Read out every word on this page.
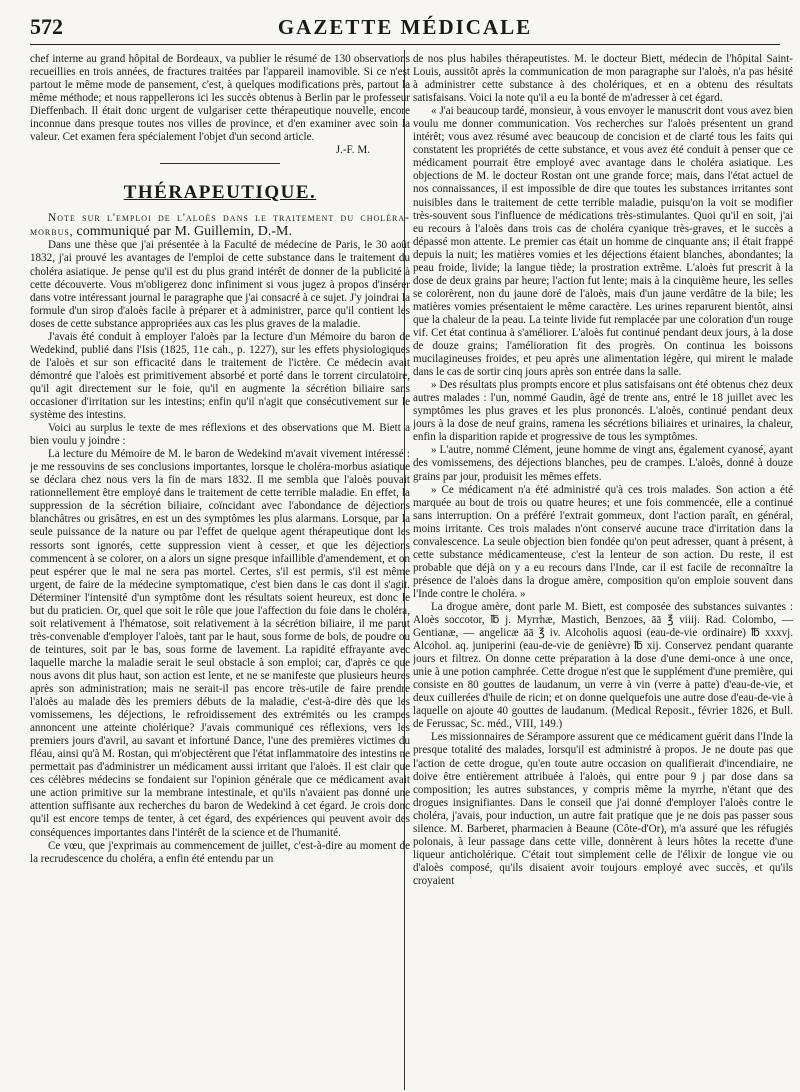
572	GAZETTE MÉDICALE

chef interne au grand hôpital de Bordeaux, va publier le résumé de 130 observations recueillies en trois années, de fractures traitées par l'appareil inamovible. Si ce n'est partout le même mode de pansement, c'est, à quelques modifications près, partout la même méthode; et nous rappellerons ici les succès obtenus à Berlin par le professeur Dieffenbach. Il était donc urgent de vulgariser cette thérapeutique nouvelle, encore inconnue dans presque toutes nos villes de province, et d'en examiner avec soin la valeur. Cet examen fera spécialement l'objet d'un second article.

J.-F. M.

THÉRAPEUTIQUE.

Note sur l'emploi de l'aloès dans le traitement du choléra-morbus, communiqué par M. Guillemin, D.-M.

Dans une thèse que j'ai présentée à la Faculté de médecine de Paris, le 30 août 1832, j'ai prouvé les avantages de l'emploi de cette substance dans le traitement du choléra asiatique. Je pense qu'il est du plus grand intérêt de donner de la publicité à cette découverte. Vous m'obligerez donc infiniment si vous jugez à propos d'insérer dans votre intéressant journal le paragraphe que j'ai consacré à ce sujet. J'y joindrai la formule d'un sirop d'aloès facile à préparer et à administrer, parce qu'il contient les doses de cette substance appropriées aux cas les plus graves de la maladie.

J'avais été conduit à employer l'aloès par la lecture d'un Mémoire du baron de Wedekind, publié dans l'Isis (1825, 11e cah., p. 1227), sur les effets physiologiques de l'aloès et sur son efficacité dans le traitement de l'ictère. Ce médecin avait démontré que l'aloès est primitivement absorbé et porté dans le torrent circulatoire, qu'il agit directement sur le foie, qu'il en augmente la sécrétion biliaire sans occasioner d'irritation sur les intestins; enfin qu'il n'agit que consécutivement sur le système des intestins.

Voici au surplus le texte de mes réflexions et des observations que M. Biett a bien voulu y joindre :

La lecture du Mémoire de M. le baron de Wedekind m'avait vivement intéressé : je me ressouvins de ses conclusions importantes, lorsque le choléra-morbus asiatique se déclara chez nous vers la fin de mars 1832. Il me sembla que l'aloès pouvait rationnellement être employé dans le traitement de cette terrible maladie. En effet, la suppression de la sécrétion biliaire, coïncidant avec l'abondance de déjections blanchâtres ou grisâtres, en est un des symptômes les plus alarmans. Lorsque, par la seule puissance de la nature ou par l'effet de quelque agent thérapeutique dont les ressorts sont ignorés, cette suppression vient à cesser, et que les déjections commencent à se colorer, on a alors un signe presque infaillible d'amendement, et on peut espérer que le mal ne sera pas mortel. Certes, s'il est permis, s'il est même urgent, de faire de la médecine symptomatique, c'est bien dans le cas dont il s'agit. Déterminer l'intensité d'un symptôme dont les résultats soient heureux, est donc le but du praticien. Or, quel que soit le rôle que joue l'affection du foie dans le choléra, soit relativement à l'hématose, soit relativement à la sécrétion biliaire, il me parut très-convenable d'employer l'aloès, tant par le haut, sous forme de bols, de poudre ou de teintures, soit par le bas, sous forme de lavement. La rapidité effrayante avec laquelle marche la maladie serait le seul obstacle à son emploi; car, d'après ce que nous avons dit plus haut, son action est lente, et ne se manifeste que plusieurs heures après son administration; mais ne serait-il pas encore très-utile de faire prendre l'aloès au malade dès les premiers débuts de la maladie, c'est-à-dire dès que les vomissemens, les déjections, le refroidissement des extrémités ou les crampes annoncent une atteinte cholérique? J'avais communiqué ces réflexions, vers les premiers jours d'avril, au savant et infortuné Dance, l'une des premières victimes du fléau, ainsi qu'à M. Rostan, qui m'objectèrent que l'état inflammatoire des intestins ne permettait pas d'administrer un médicament aussi irritant que l'aloès. Il est clair que ces célèbres médecins se fondaient sur l'opinion générale que ce médicament avait une action primitive sur la membrane intestinale, et qu'ils n'avaient pas donné une attention suffisante aux recherches du baron de Wedekind à cet égard. Je crois donc qu'il est encore temps de tenter, à cet égard, des expériences qui peuvent avoir des conséquences importantes dans l'intérêt de la science et de l'humanité.

Ce vœu, que j'exprimais au commencement de juillet, c'est-à-dire au moment de la recrudescence du choléra, a enfin été entendu par un

de nos plus habiles thérapeutistes. M. le docteur Biett, médecin de l'hôpital Saint-Louis, aussitôt après la communication de mon paragraphe sur l'aloès, n'a pas hésité à administrer cette substance à des cholériques, et en a obtenu des résultats satisfaisans. Voici la note qu'il a eu la bonté de m'adresser à cet égard.

« J'ai beaucoup tardé, monsieur, à vous envoyer le manuscrit dont vous avez bien voulu me donner communication. Vos recherches sur l'aloès présentent un grand intérêt; vous avez résumé avec beaucoup de concision et de clarté tous les faits qui constatent les propriétés de cette substance, et vous avez été conduit à penser que ce médicament pourrait être employé avec avantage dans le choléra asiatique. Les objections de M. le docteur Rostan ont une grande force; mais, dans l'état actuel de nos connaissances, il est impossible de dire que toutes les substances irritantes sont nuisibles dans le traitement de cette terrible maladie, puisqu'on la voit se modifier très-souvent sous l'influence de médications très-stimulantes. Quoi qu'il en soit, j'ai eu recours à l'aloès dans trois cas de choléra cyanique très-graves, et le succès a dépassé mon attente. Le premier cas était un homme de cinquante ans; il était frappé depuis la nuit; les matières vomies et les déjections étaient blanches, abondantes; la peau froide, livide; la langue tiède; la prostration extrême. L'aloès fut prescrit à la dose de deux grains par heure; l'action fut lente; mais à la cinquième heure, les selles se colorèrent, non du jaune doré de l'aloès, mais d'un jaune verdâtre de la bile; les matières vomies présentaient le même caractère. Les urines reparurent bientôt, ainsi que la chaleur de la peau. La teinte livide fut remplacée par une coloration d'un rouge vif. Cet état continua à s'améliorer. L'aloès fut continué pendant deux jours, à la dose de douze grains; l'amélioration fit des progrès. On continua les boissons mucilagineuses froides, et peu après une alimentation légère, qui mirent le malade dans le cas de sortir cinq jours après son entrée dans la salle.

» Des résultats plus prompts encore et plus satisfaisans ont été obtenus chez deux autres malades : l'un, nommé Gaudin, âgé de trente ans, entré le 18 juillet avec les symptômes les plus graves et les plus prononcés. L'aloès, continué pendant deux jours à la dose de neuf grains, ramena les sécrétions biliaires et urinaires, la chaleur, enfin la disparition rapide et progressive de tous les symptômes.

» L'autre, nommé Clément, jeune homme de vingt ans, également cyanosé, ayant des vomissemens, des déjections blanches, peu de crampes. L'aloès, donné à douze grains par jour, produisit les mêmes effets.

» Ce médicament n'a été administré qu'à ces trois malades. Son action a été marquée au bout de trois ou quatre heures; et une fois commencée, elle a continué sans interruption. On a préféré l'extrait gommeux, dont l'action paraît, en général, moins irritante. Ces trois malades n'ont conservé aucune trace d'irritation dans la convalescence. La seule objection bien fondée qu'on peut adresser, quant à présent, à cette substance médicamenteuse, c'est la lenteur de son action. Du reste, il est probable que déjà on y a eu recours dans l'Inde, car il est facile de reconnaître la présence de l'aloès dans la drogue amère, composition qu'on emploie souvent dans l'Inde contre le choléra. »

La drogue amère, dont parle M. Biett, est composée des substances suivantes : Aloès soccotor, ℔ j. Myrrhæ, Mastich, Benzoes, āā ℥ viiij. Rad. Colombo, — Gentianæ, — angelicæ āā ℥ iv. Alcoholis aquosi (eau-de-vie ordinaire) ℔ xxxvj. Alcohol. aq. juniperini (eau-de-vie de genièvre) ℔ xij. Conservez pendant quarante jours et filtrez. On donne cette préparation à la dose d'une demi-once à une once, unie à une potion camphrée. Cette drogue n'est que le supplément d'une première, qui consiste en 80 gouttes de laudanum, un verre à vin (verre à patte) d'eau-de-vie, et deux cuillerées d'huile de ricin; et on donne quelquefois une autre dose d'eau-de-vie à laquelle on ajoute 40 gouttes de laudanum. (Medical Reposit., février 1826, et Bull. de Ferussac, Sc. méd., VIII, 149.)

Les missionnaires de Sérampore assurent que ce médicament guérit dans l'Inde la presque totalité des malades, lorsqu'il est administré à propos. Je ne doute pas que l'action de cette drogue, qu'en toute autre occasion on qualifierait d'incendiaire, ne doive être entièrement attribuée à l'aloès, qui entre pour 9 j par dose dans sa composition; les autres substances, y compris même la myrrhe, n'étant que des drogues insignifiantes. Dans le conseil que j'ai donné d'employer l'aloès contre le choléra, j'avais, pour induction, un autre fait pratique que je ne dois pas passer sous silence. M. Barberet, pharmacien à Beaune (Côte-d'Or), m'a assuré que les réfugiés polonais, à leur passage dans cette ville, donnèrent à leurs hôtes la recette d'une liqueur anticholérique. C'était tout simplement celle de l'élixir de longue vie ou d'aloès composé, qu'ils disaient avoir toujours employé avec succès, et qu'ils croyaient
